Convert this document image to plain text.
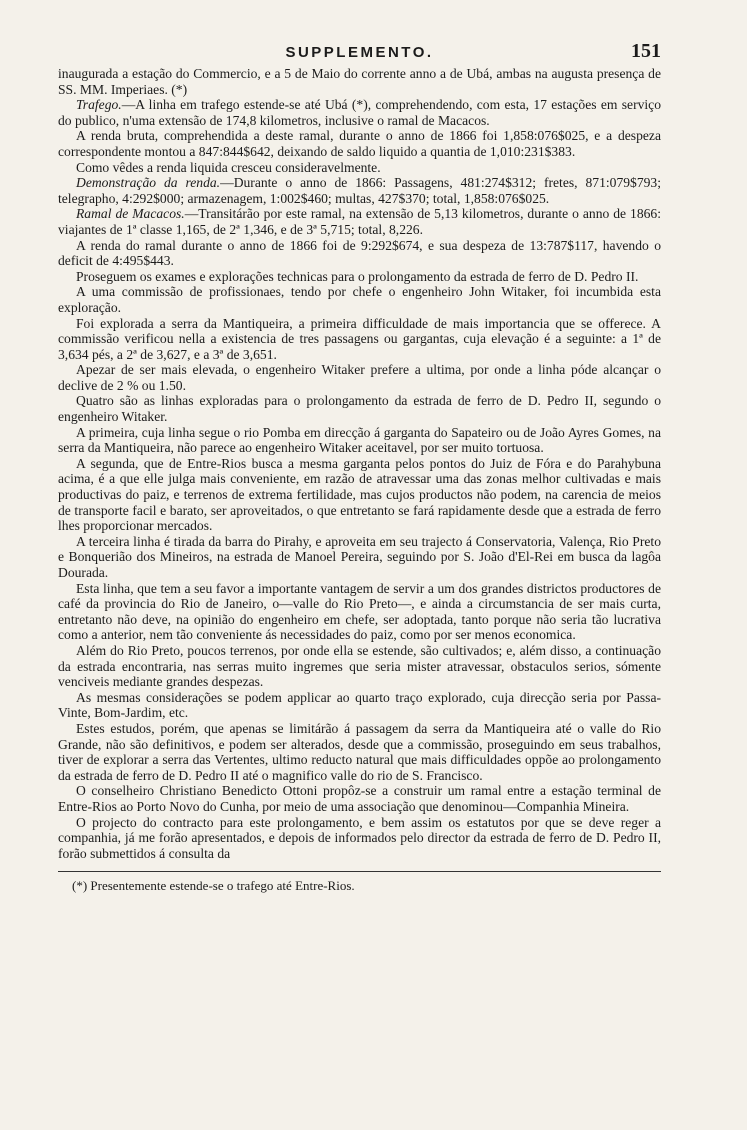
SUPPLEMENTO.	151

inaugurada a estação do Commercio, e a 5 de Maio do corrente anno a de Ubá, ambas na augusta presença de SS. MM. Imperiaes. (*)

Trafego.—A linha em trafego estende-se até Ubá (*), comprehendendo, com esta, 17 estações em serviço do publico, n'uma extensão de 174,8 kilometros, inclusive o ramal de Macacos.

A renda bruta, comprehendida a deste ramal, durante o anno de 1866 foi 1,858:076$025, e a despeza correspondente montou a 847:844$642, deixando de saldo liquido a quantia de 1,010:231$383.

Como vêdes a renda liquida cresceu consideravelmente.

Demonstração da renda.—Durante o anno de 1866: Passagens, 481:274$312; fretes, 871:079$793; telegrapho, 4:292$000; armazenagem, 1:002$460; multas, 427$370; total, 1,858:076$025.

Ramal de Macacos.—Transitárão por este ramal, na extensão de 5,13 kilometros, durante o anno de 1866: viajantes de 1ª classe 1,165, de 2ª 1,346, e de 3ª 5,715; total, 8,226.

A renda do ramal durante o anno de 1866 foi de 9:292$674, e sua despeza de 13:787$117, havendo o deficit de 4:495$443.

Proseguem os exames e explorações technicas para o prolongamento da estrada de ferro de D. Pedro II.

A uma commissão de profissionaes, tendo por chefe o engenheiro John Witaker, foi incumbida esta exploração.

Foi explorada a serra da Mantiqueira, a primeira difficuldade de mais importancia que se offerece. A commissão verificou nella a existencia de tres passagens ou gargantas, cuja elevação é a seguinte: a 1ª de 3,634 pés, a 2ª de 3,627, e a 3ª de 3,651.

Apezar de ser mais elevada, o engenheiro Witaker prefere a ultima, por onde a linha póde alcançar o declive de 2 % ou 1.50.

Quatro são as linhas exploradas para o prolongamento da estrada de ferro de D. Pedro II, segundo o engenheiro Witaker.

A primeira, cuja linha segue o rio Pomba em direcção á garganta do Sapateiro ou de João Ayres Gomes, na serra da Mantiqueira, não parece ao engenheiro Witaker aceitavel, por ser muito tortuosa.

A segunda, que de Entre-Rios busca a mesma garganta pelos pontos do Juiz de Fóra e do Parahybuna acima, é a que elle julga mais conveniente, em razão de atravessar uma das zonas melhor cultivadas e mais productivas do paiz, e terrenos de extrema fertilidade, mas cujos productos não podem, na carencia de meios de transporte facil e barato, ser aproveitados, o que entretanto se fará rapidamente desde que a estrada de ferro lhes proporcionar mercados.

A terceira linha é tirada da barra do Pirahy, e aproveita em seu trajecto á Conservatoria, Valença, Rio Preto e Bonquerião dos Mineiros, na estrada de Manoel Pereira, seguindo por S. João d'El-Rei em busca da lagôa Dourada.

Esta linha, que tem a seu favor a importante vantagem de servir a um dos grandes districtos productores de café da provincia do Rio de Janeiro, o—valle do Rio Preto—, e ainda a circumstancia de ser mais curta, entretanto não deve, na opinião do engenheiro em chefe, ser adoptada, tanto porque não seria tão lucrativa como a anterior, nem tão conveniente ás necessidades do paiz, como por ser menos economica.

Além do Rio Preto, poucos terrenos, por onde ella se estende, são cultivados; e, além disso, a continuação da estrada encontraria, nas serras muito ingremes que seria mister atravessar, obstaculos serios, sómente venciveis mediante grandes despezas.

As mesmas considerações se podem applicar ao quarto traço explorado, cuja direcção seria por Passa-Vinte, Bom-Jardim, etc.

Estes estudos, porém, que apenas se limitárão á passagem da serra da Mantiqueira até o valle do Rio Grande, não são definitivos, e podem ser alterados, desde que a commissão, proseguindo em seus trabalhos, tiver de explorar a serra das Vertentes, ultimo reducto natural que mais difficuldades oppõe ao prolongamento da estrada de ferro de D. Pedro II até o magnifico valle do rio de S. Francisco.

O conselheiro Christiano Benedicto Ottoni propôz-se a construir um ramal entre a estação terminal de Entre-Rios ao Porto Novo do Cunha, por meio de uma associação que denominou—Companhia Mineira.

O projecto do contracto para este prolongamento, e bem assim os estatutos por que se deve reger a companhia, já me forão apresentados, e depois de informados pelo director da estrada de ferro de D. Pedro II, forão submettidos á consulta da

(*) Presentemente estende-se o trafego até Entre-Rios.
